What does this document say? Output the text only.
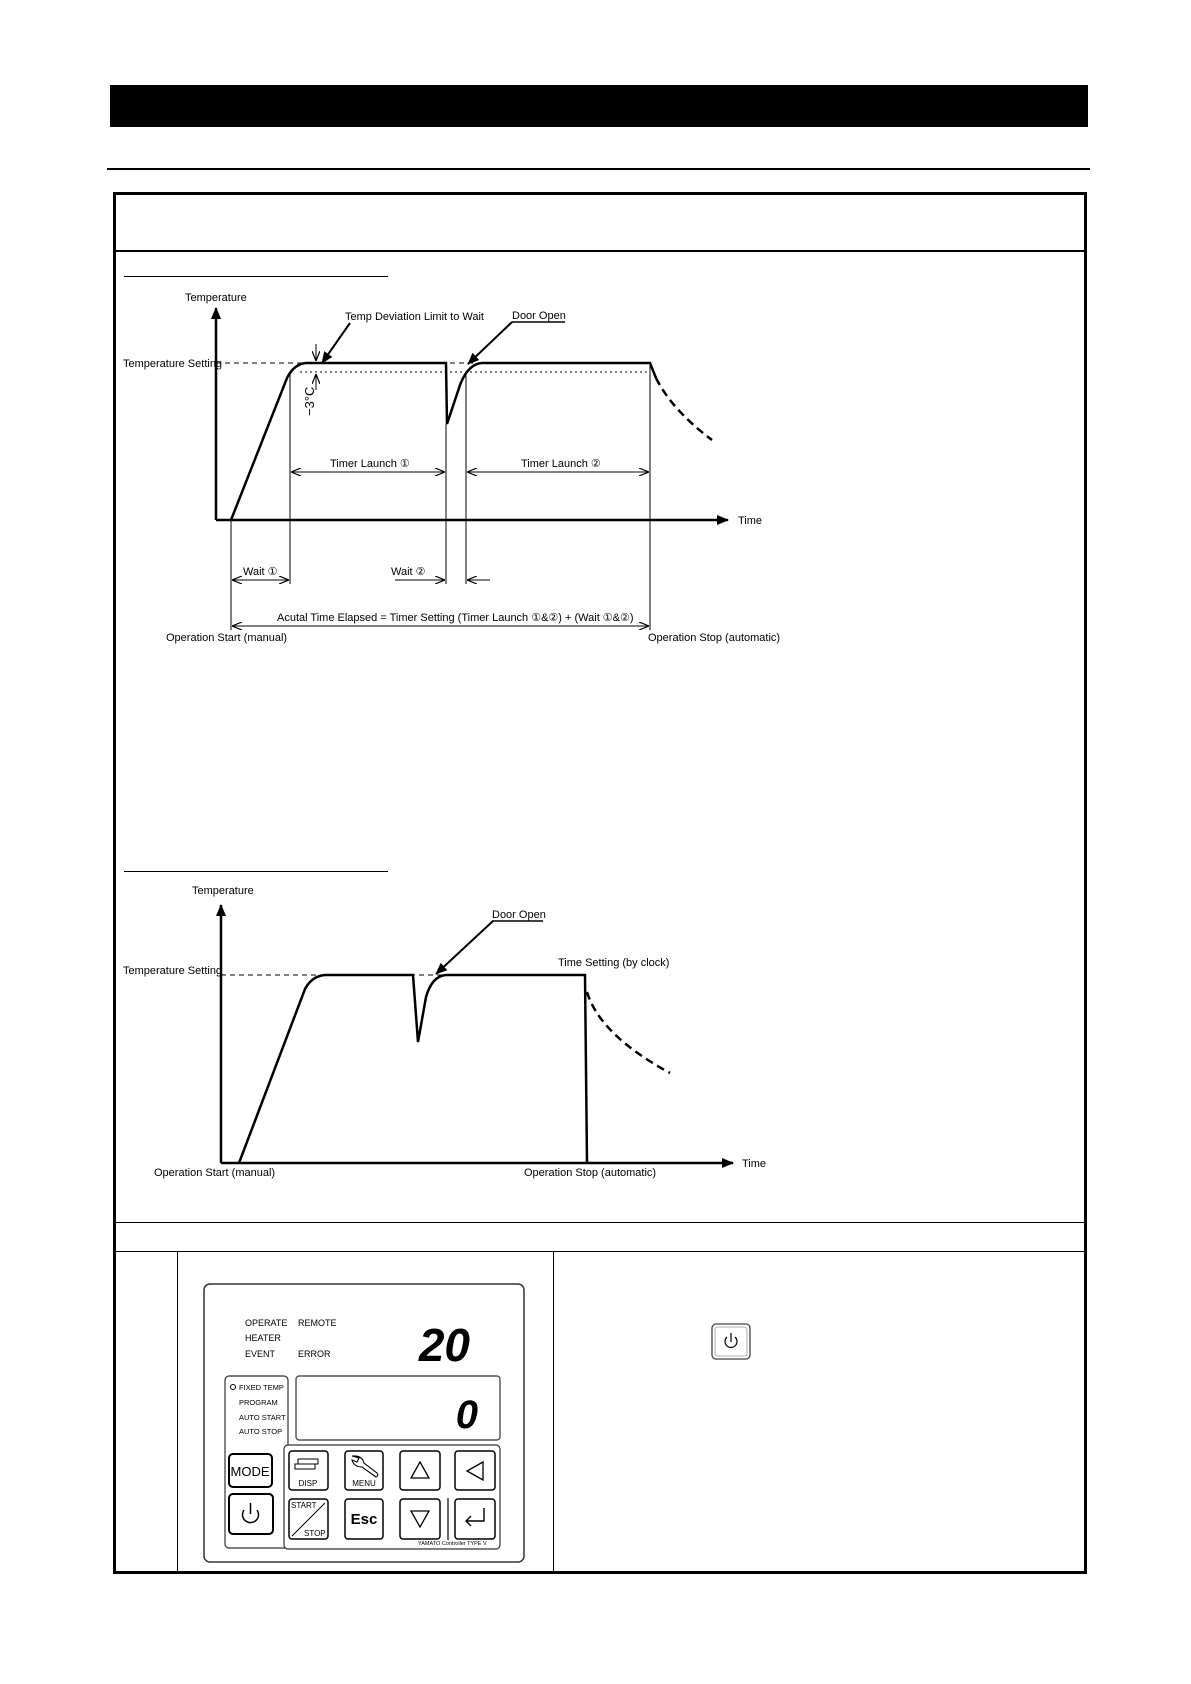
Temperature
Time
Temperature Setting
−3°C
Temp Deviation Limit to Wait	Door Open
Timer Launch ①	Timer Launch ②
Wait ①	Wait ②
Acutal Time Elapsed = Timer Setting (Timer Launch ①&②) + (Wait ①&②)
Operation Start (manual)	Operation Stop (automatic)
Temperature
Time
Temperature Setting
Door Open
Time Setting (by clock)
Operation Start (manual)	Operation Stop (automatic)
OPERATE REMOTE
HEATER
EVENT	ERROR 20
0
FIXED TEMP
PROGRAM
AUTO START
AUTO STOP
MODE
DISP	MENU
START
STOP
Esc
YAMATO Controller TYPE V
